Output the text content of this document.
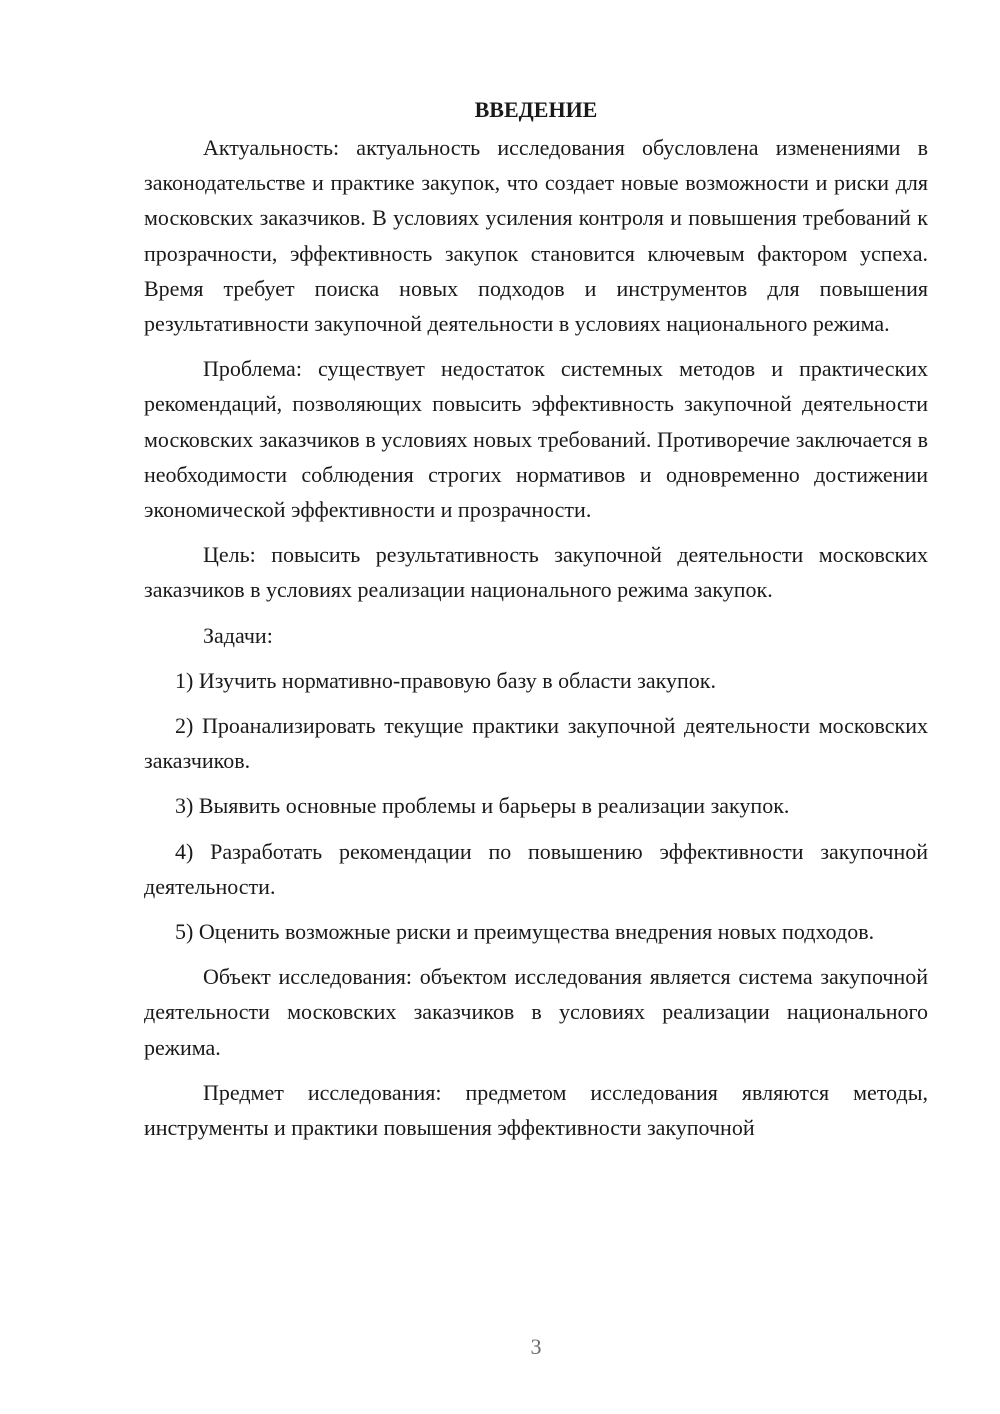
ВВЕДЕНИЕ

Актуальность: актуальность исследования обусловлена изменениями в законодательстве и практике закупок, что создает новые возможности и риски для московских заказчиков. В условиях усиления контроля и повышения требований к прозрачности, эффективность закупок становится ключевым фактором успеха. Время требует поиска новых подходов и инструментов для повышения результативности закупочной деятельности в условиях национального режима.

Проблема: существует недостаток системных методов и практических рекомендаций, позволяющих повысить эффективность закупочной деятельности московских заказчиков в условиях новых требований. Противоречие заключается в необходимости соблюдения строгих нормативов и одновременно достижении экономической эффективности и прозрачности.

Цель: повысить результативность закупочной деятельности московских заказчиков в условиях реализации национального режима закупок.

Задачи:

1) Изучить нормативно-правовую базу в области закупок.

2) Проанализировать текущие практики закупочной деятельности московских заказчиков.

3) Выявить основные проблемы и барьеры в реализации закупок.

4) Разработать рекомендации по повышению эффективности закупочной деятельности.

5) Оценить возможные риски и преимущества внедрения новых подходов.

Объект исследования: объектом исследования является система закупочной деятельности московских заказчиков в условиях реализации национального режима.

Предмет исследования: предметом исследования являются методы, инструменты и практики повышения эффективности закупочной

3
